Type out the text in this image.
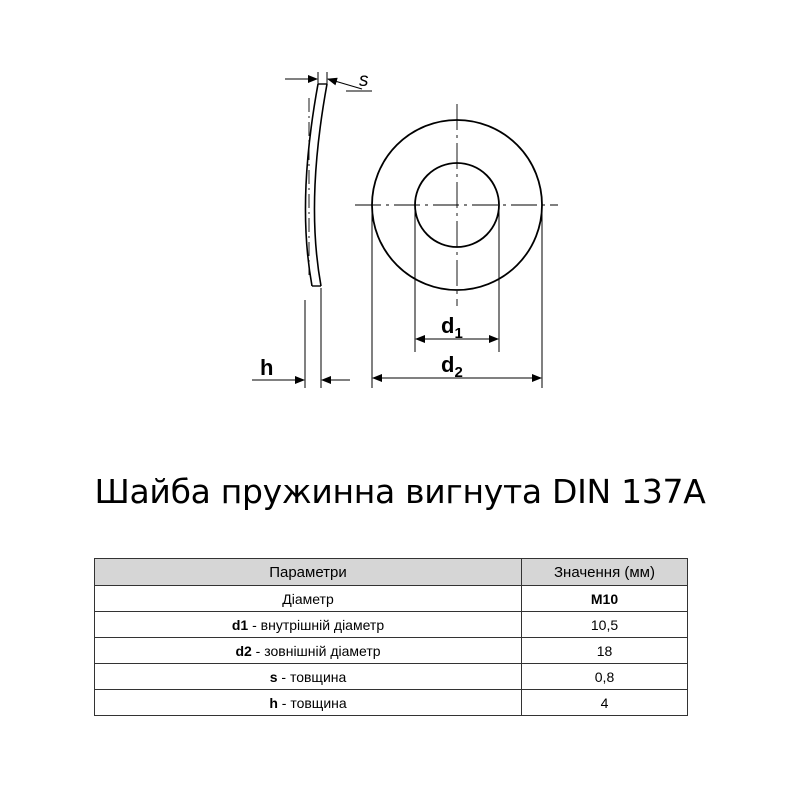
s
h
$d_1$
$d_2$
Шайба пружинна вигнута DIN 137A
Параметри	Значення (мм)
Діаметр	M10
d1 - внутрішній діаметр	10,5
d2 - зовнішній діаметр	18
s - товщина	0,8
h - товщина	4
